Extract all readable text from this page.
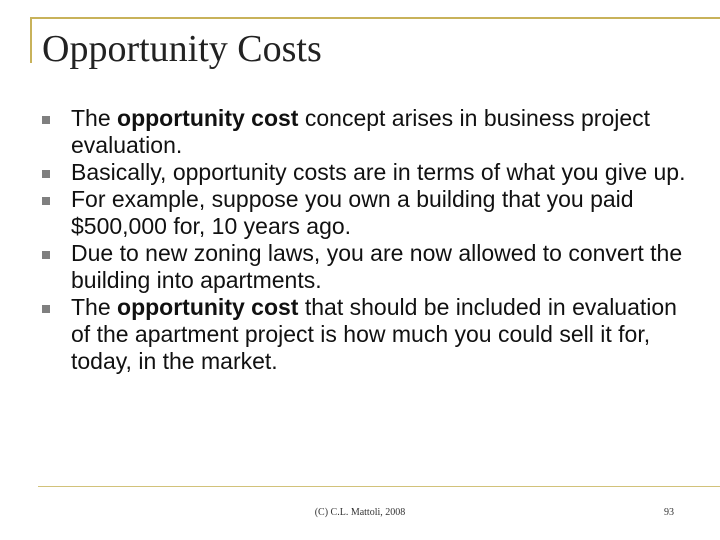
Opportunity Costs
The opportunity cost concept arises in business project evaluation.
Basically, opportunity costs are in terms of what you give up.
For example, suppose you own a building that you paid $500,000 for, 10 years ago.
Due to new zoning laws, you are now allowed to convert the building into apartments.
The opportunity cost that should be included in evaluation of the apartment project is how much you could sell it for, today, in the market.
(C) C.L. Mattoli, 2008	93
